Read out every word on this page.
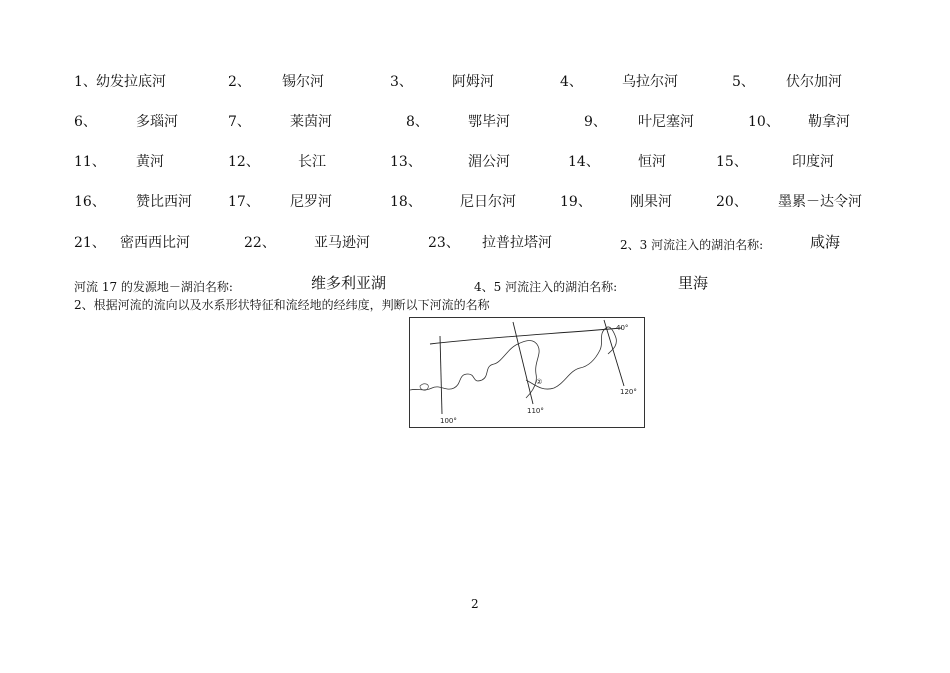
1、 幼发拉底河	2、 锡尔河	3、	阿姆河	4、	乌拉尔河	5、 伏尔加河
6、	多瑙河	7、	莱茵河	8、	鄂毕河	9、 叶尼塞河	10、 勒拿河
11、 黄河	12、	长江	13、	湄公河	14、	恒河	15、	印度河
16、 赞比西河	17、 尼罗河	18、	尼日尔河	19、	刚果河	20、 墨累－达令河
21、 密西西比河	22、	亚马逊河	23、 拉普拉塔河	2、3 河流注入的湖泊名称:	咸海
河流 17 的发源地－湖泊名称:	维多利亚湖	4、5 河流注入的湖泊名称:	里海
2、根据河流的流向以及水系形状特征和流经地的经纬度，判断以下河流的名称
②
40°
100°
110°
120°
2
